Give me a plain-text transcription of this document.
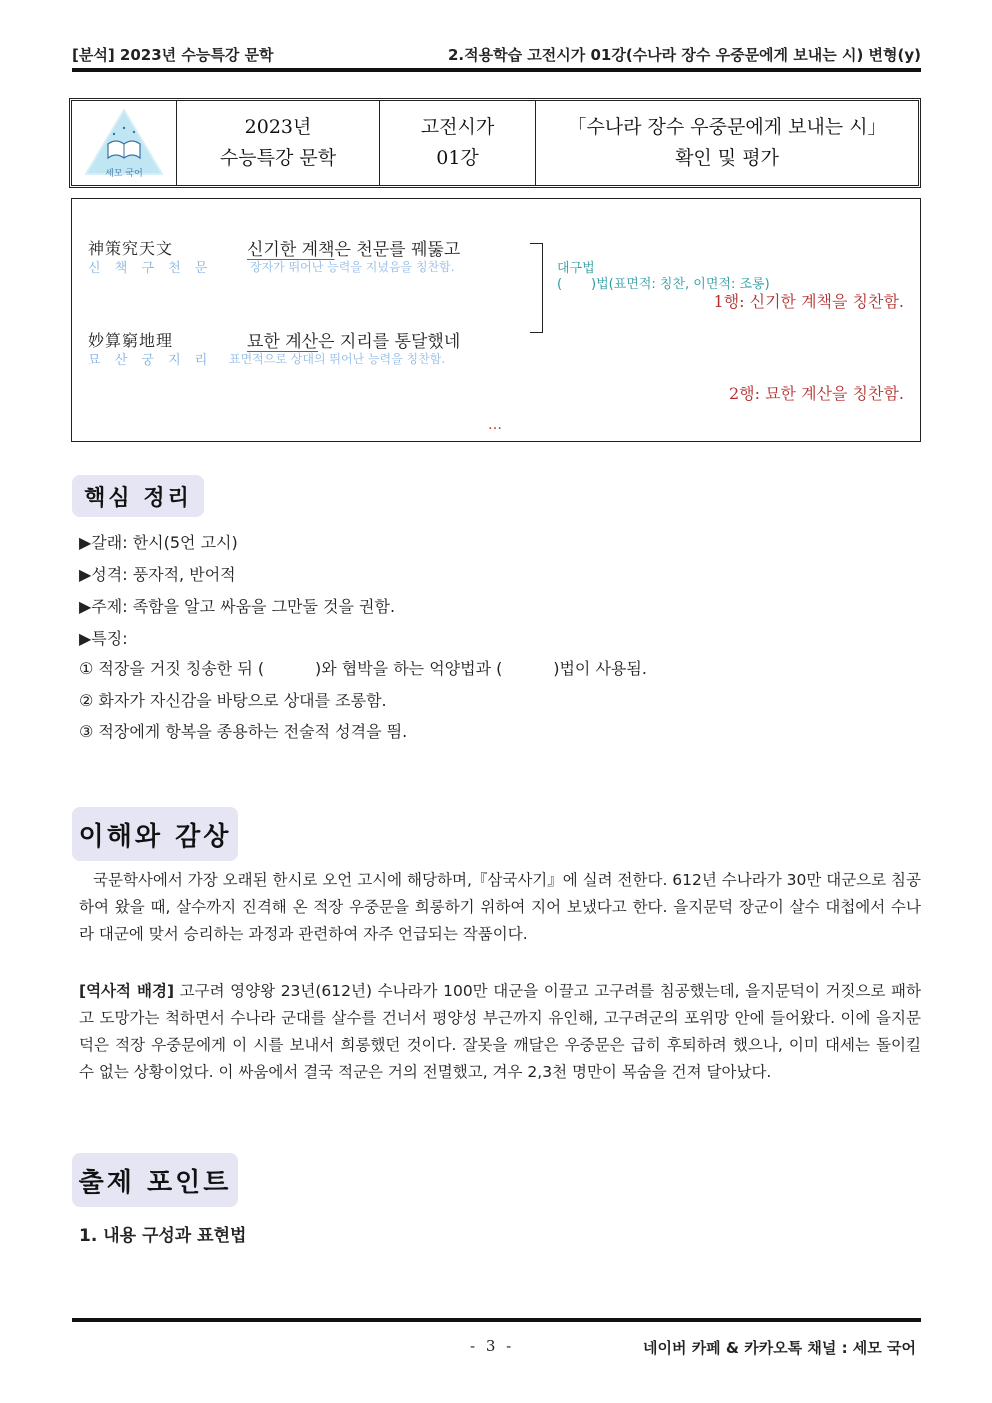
[분석] 2023년 수능특강 문학	2.적용학습 고전시가 01강(수나라 장수 우중문에게 보내는 시) 변형(y)
세모 국어
2023년
수능특강 문학
고전시가
01강
「수나라 장수 우중문에게 보내는 시」
확인 및 평가
神策究天文
신 책 구 천 문
신기한 계책은 천문를 꿰뚫고
장자가 뛰어난 능력을 지녔음을 칭찬함.
妙算窮地理
묘 산 궁 지 리
묘한 계산은 지리를 통달했네
표면적으로 상대의 뛰어난 능력을 칭찬함.
대구법
(       )법(표면적: 칭찬, 이면적: 조롱)
1행: 신기한 계책을 칭찬함.
2행: 묘한 계산을 칭찬함.
…
핵심 정리
▶갈래: 한시(5언 고시)
▶성격: 풍자적, 반어적
▶주제: 족함을 알고 싸움을 그만둘 것을 권함.
▶특징:
① 적장을 거짓 칭송한 뒤 (          )와 협박을 하는 억양법과 (          )법이 사용됨.
② 화자가 자신감을 바탕으로 상대를 조롱함.
③ 적장에게 항복을 종용하는 전술적 성격을 띔.
이해와 감상
국문학사에서 가장 오래된 한시로 오언 고시에 해당하며,『삼국사기』에 실려 전한다. 612년 수나라가 30만 대군으로 침공하여 왔을 때, 살수까지 진격해 온 적장 우중문을 희롱하기 위하여 지어 보냈다고 한다. 을지문덕 장군이 살수 대첩에서 수나라 대군에 맞서 승리하는 과정과 관련하여 자주 언급되는 작품이다.
[역사적 배경] 고구려 영양왕 23년(612년) 수나라가 100만 대군을 이끌고 고구려를 침공했는데, 을지문덕이 거짓으로 패하고 도망가는 척하면서 수나라 군대를 살수를 건너서 평양성 부근까지 유인해, 고구려군의 포위망 안에 들어왔다. 이에 을지문덕은 적장 우중문에게 이 시를 보내서 희롱했던 것이다. 잘못을 깨달은 우중문은 급히 후퇴하려 했으나, 이미 대세는 돌이킬 수 없는 상황이었다. 이 싸움에서 결국 적군은 거의 전멸했고, 겨우 2,3천 명만이 목숨을 건져 달아났다.
출제 포인트
1. 내용 구성과 표현법
- 3 -	네이버 카페 & 카카오톡 채널 : 세모 국어
